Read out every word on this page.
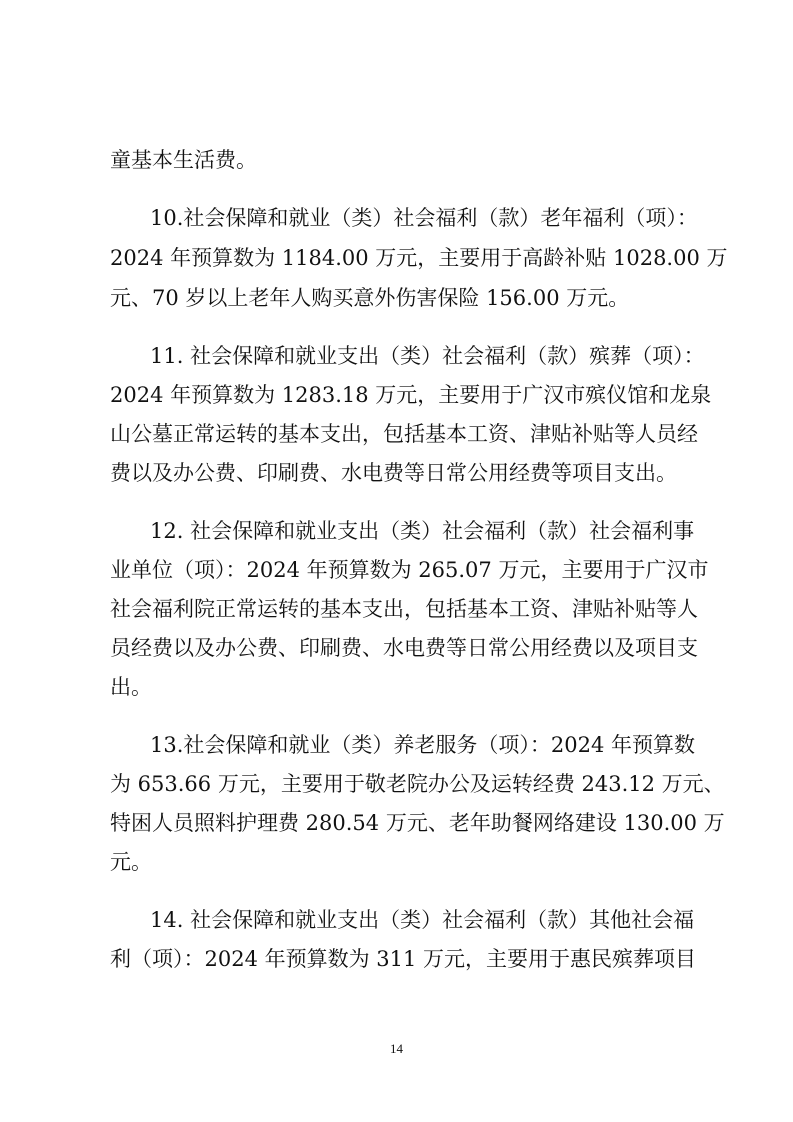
童基本生活费。
10.社会保障和就业（类）社会福利（款）老年福利（项）：
2024 年预算数为 1184.00 万元，主要用于高龄补贴 1028.00 万
元、70 岁以上老年人购买意外伤害保险 156.00 万元。
11. 社会保障和就业支出（类）社会福利（款）殡葬（项）：
2024 年预算数为 1283.18 万元，主要用于广汉市殡仪馆和龙泉
山公墓正常运转的基本支出，包括基本工资、津贴补贴等人员经
费以及办公费、印刷费、水电费等日常公用经费等项目支出。
12. 社会保障和就业支出（类）社会福利（款）社会福利事
业单位（项）：2024 年预算数为 265.07 万元，主要用于广汉市
社会福利院正常运转的基本支出，包括基本工资、津贴补贴等人
员经费以及办公费、印刷费、水电费等日常公用经费以及项目支
出。
13.社会保障和就业（类）养老服务（项）：2024 年预算数
为 653.66 万元，主要用于敬老院办公及运转经费 243.12 万元、
特困人员照料护理费 280.54 万元、老年助餐网络建设 130.00 万
元。
14. 社会保障和就业支出（类）社会福利（款）其他社会福
利（项）：2024 年预算数为 311 万元，主要用于惠民殡葬项目
14
